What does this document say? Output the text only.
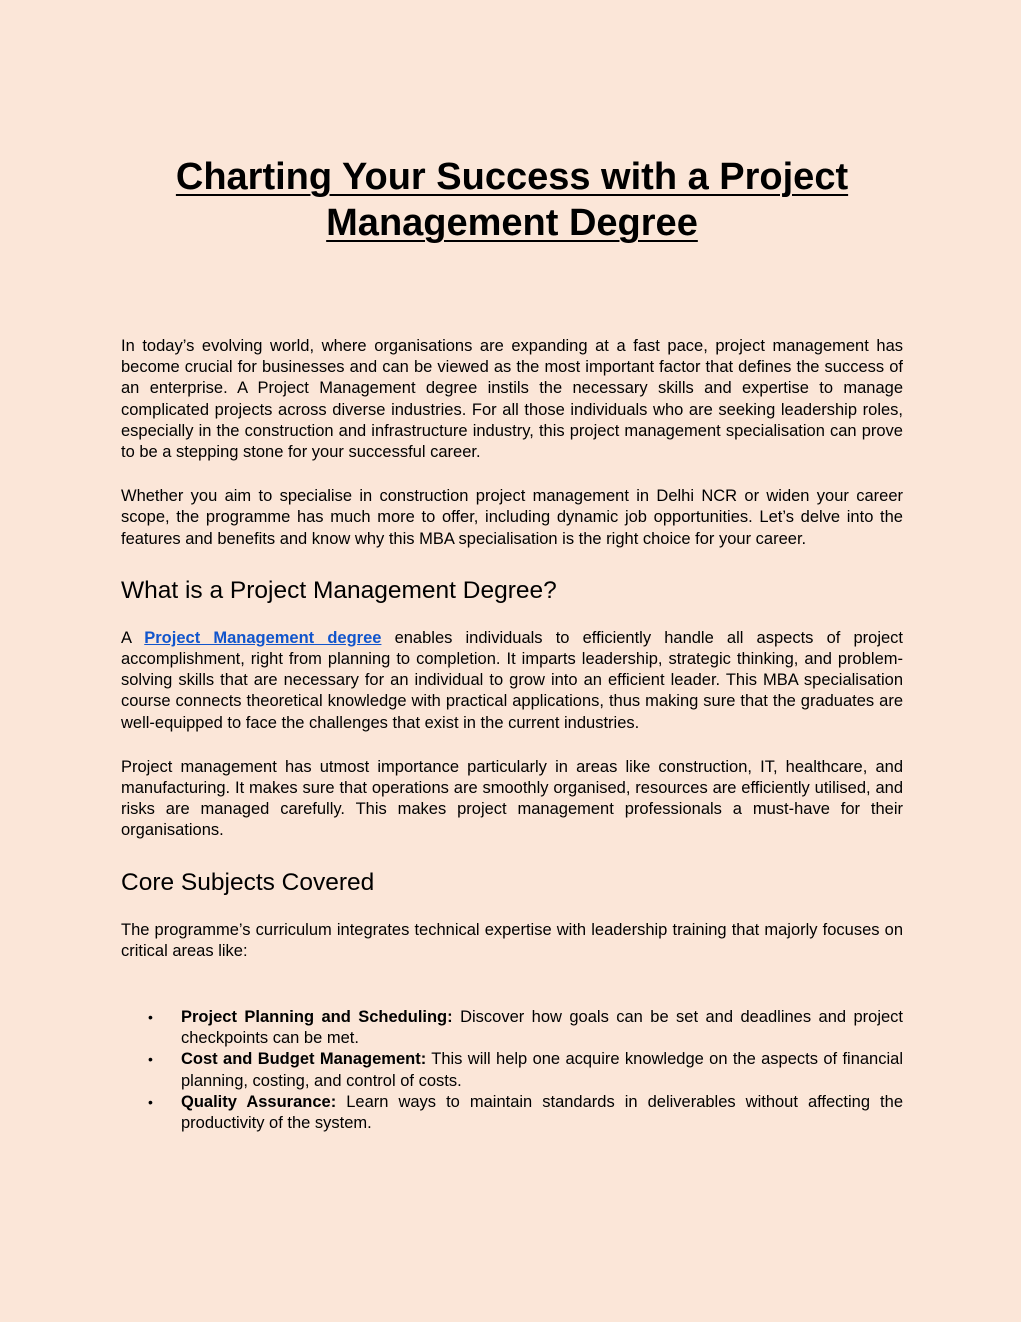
Charting Your Success with a Project
Management Degree

In today’s evolving world, where organisations are expanding at a fast pace, project management has become crucial for businesses and can be viewed as the most important factor that defines the success of an enterprise. A Project Management degree instils the necessary skills and expertise to manage complicated projects across diverse industries. For all those individuals who are seeking leadership roles, especially in the construction and infrastructure industry, this project management specialisation can prove to be a stepping stone for your successful career.

Whether you aim to specialise in construction project management in Delhi NCR or widen your career scope, the programme has much more to offer, including dynamic job opportunities. Let’s delve into the features and benefits and know why this MBA specialisation is the right choice for your career.

What is a Project Management Degree?

A Project Management degree enables individuals to efficiently handle all aspects of project accomplishment, right from planning to completion. It imparts leadership, strategic thinking, and problem-solving skills that are necessary for an individual to grow into an efficient leader. This MBA specialisation course connects theoretical knowledge with practical applications, thus making sure that the graduates are well-equipped to face the challenges that exist in the current industries.

Project management has utmost importance particularly in areas like construction, IT, healthcare, and manufacturing. It makes sure that operations are smoothly organised, resources are efficiently utilised, and risks are managed carefully. This makes project management professionals a must-have for their organisations.

Core Subjects Covered

The programme’s curriculum integrates technical expertise with leadership training that majorly focuses on critical areas like:

• Project Planning and Scheduling: Discover how goals can be set and deadlines and project checkpoints can be met.
• Cost and Budget Management: This will help one acquire knowledge on the aspects of financial planning, costing, and control of costs.
• Quality Assurance: Learn ways to maintain standards in deliverables without affecting the productivity of the system.
